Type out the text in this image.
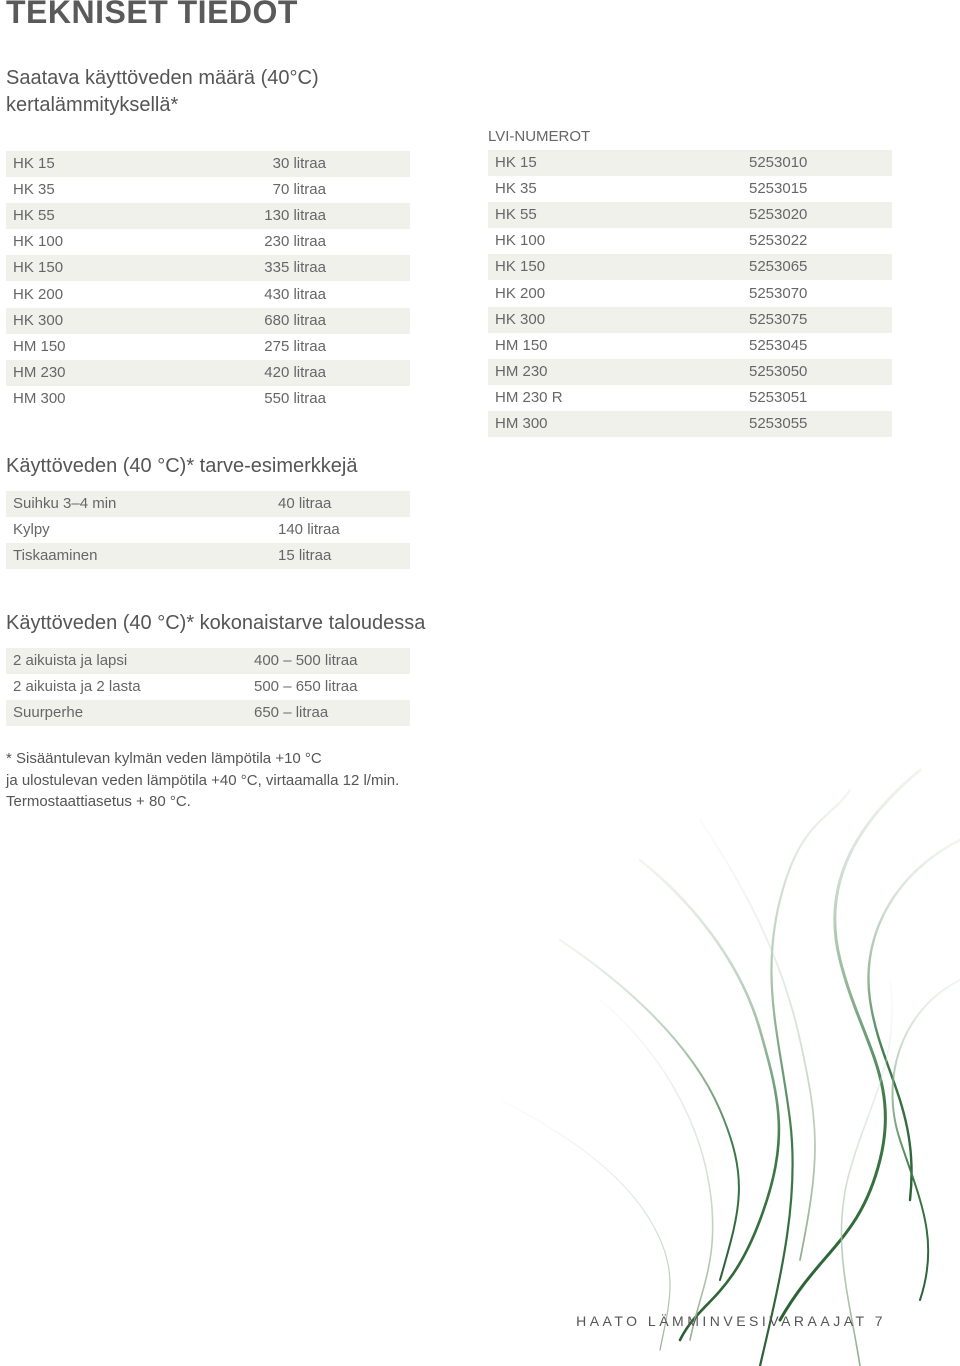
TEKNISET TIEDOT
Saatava käyttöveden määrä (40°C)
kertalämmityksellä*
HK 15	30 litraa
HK 35	70 litraa
HK 55	130 litraa
HK 100	230 litraa
HK 150	335 litraa
HK 200	430 litraa
HK 300	680 litraa
HM 150	275 litraa
HM 230	420 litraa
HM 300	550 litraa
LVI-NUMEROT
HK 15	5253010
HK 35	5253015
HK 55	5253020
HK 100	5253022
HK 150	5253065
HK 200	5253070
HK 300	5253075
HM 150	5253045
HM 230	5253050
HM 230 R	5253051
HM 300	5253055
Käyttöveden (40 °C)* tarve-esimerkkejä
Suihku 3–4 min	40 litraa
Kylpy	140 litraa
Tiskaaminen	15 litraa
Käyttöveden (40 °C)* kokonaistarve taloudessa
2 aikuista ja lapsi	400 – 500 litraa
2 aikuista ja 2 lasta	500 – 650 litraa
Suurperhe	650 – litraa
* Sisääntulevan kylmän veden lämpötila +10 °C
ja ulostulevan veden lämpötila +40 °C, virtaamalla 12 l/min.
Termostaattiasetus + 80 °C.
HAATO LÄMMINVESIVARAAJAT 7
